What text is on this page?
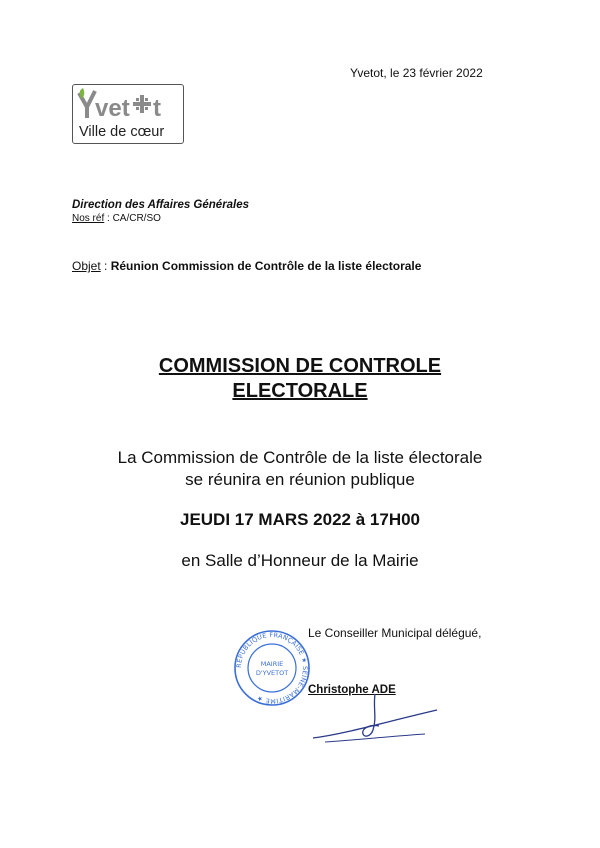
Yvetot, le 23 février 2022
vet t
Ville de cœur
Direction des Affaires Générales
Nos réf : CA/CR/SO
Objet : Réunion Commission de Contrôle de la liste électorale
COMMISSION DE CONTROLE
ELECTORALE
La Commission de Contrôle de la liste électorale
se réunira en réunion publique
JEUDI 17 MARS 2022 à 17H00
en Salle d’Honneur de la Mairie
RÉPUBLIQUE FRANÇAISE ★ SEINE-MARITIME ★
MAIRIE
D'YVETOT
Le Conseiller Municipal délégué,
Christophe ADE
